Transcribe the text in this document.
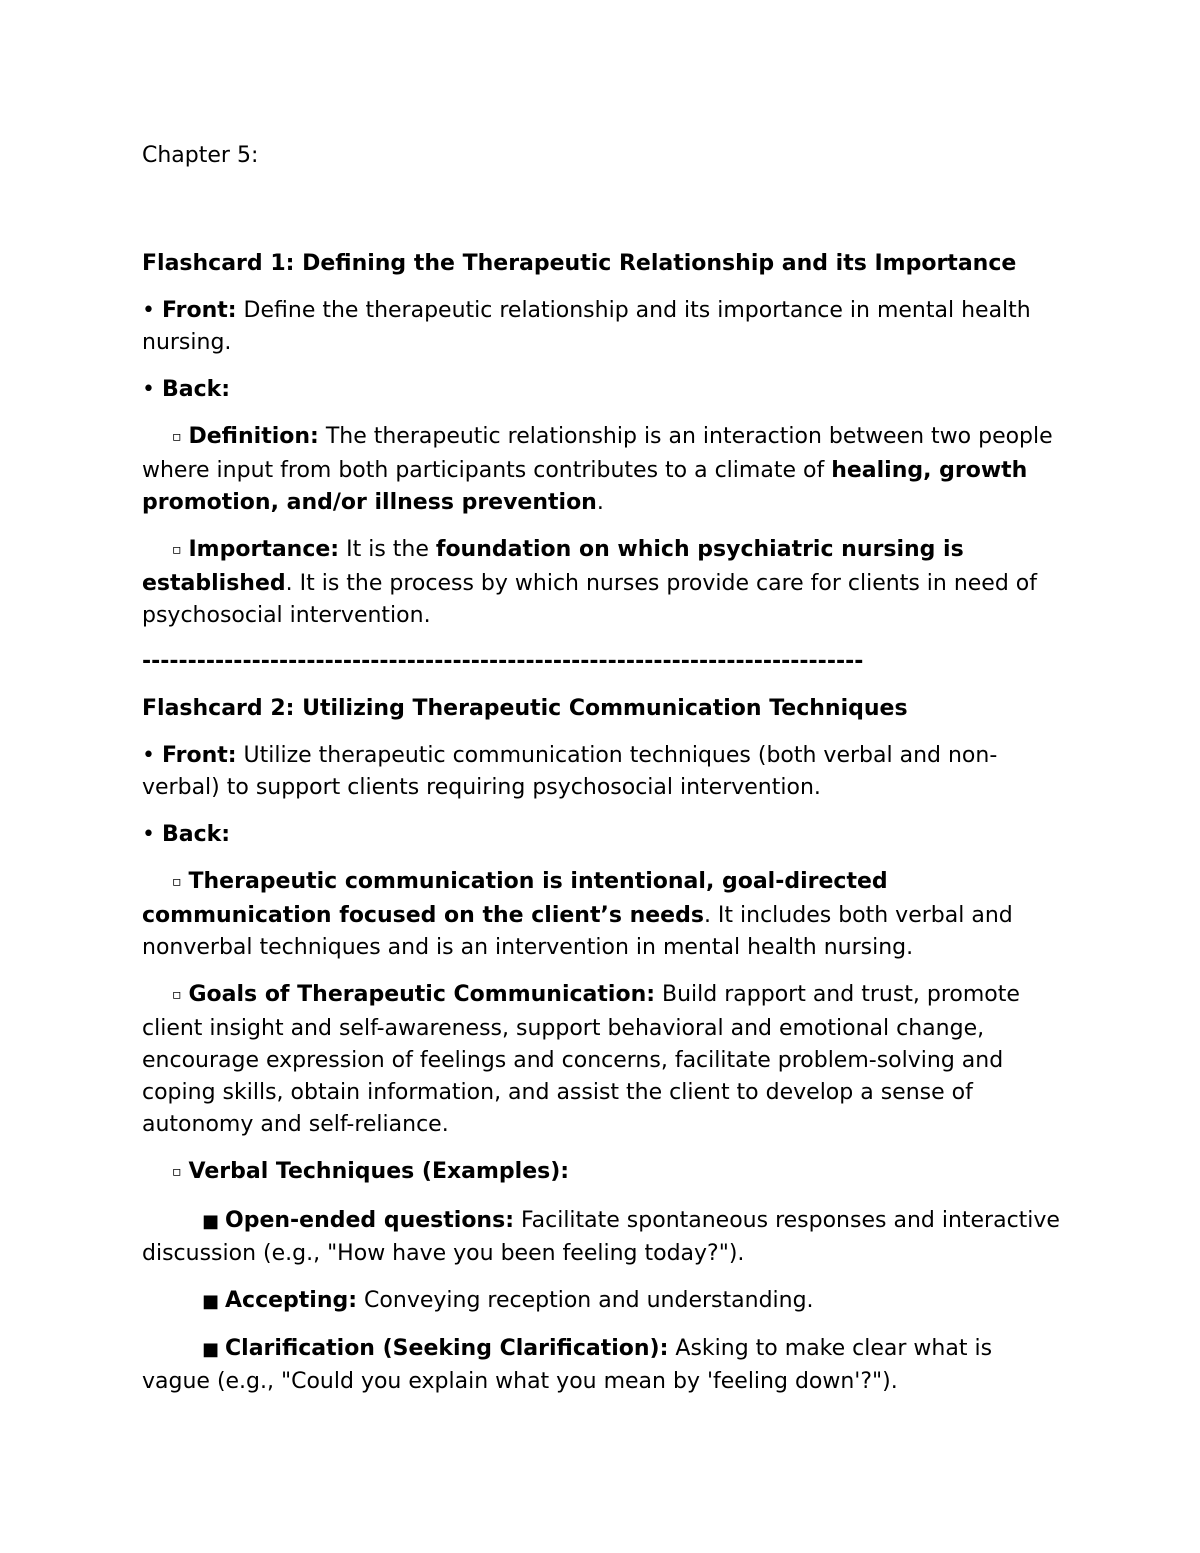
Chapter 5:

Flashcard 1: Defining the Therapeutic Relationship and its Importance

• Front: Define the therapeutic relationship and its importance in mental health nursing.

• Back:

▫ Definition: The therapeutic relationship is an interaction between two people where input from both participants contributes to a climate of healing, growth promotion, and/or illness prevention.

▫ Importance: It is the foundation on which psychiatric nursing is established. It is the process by which nurses provide care for clients in need of psychosocial intervention.

-------------------------------------------------------------------------------

Flashcard 2: Utilizing Therapeutic Communication Techniques

• Front: Utilize therapeutic communication techniques (both verbal and non-verbal) to support clients requiring psychosocial intervention.

• Back:

▫ Therapeutic communication is intentional, goal-directed communication focused on the client’s needs. It includes both verbal and nonverbal techniques and is an intervention in mental health nursing.

▫ Goals of Therapeutic Communication: Build rapport and trust, promote client insight and self-awareness, support behavioral and emotional change, encourage expression of feelings and concerns, facilitate problem-solving and coping skills, obtain information, and assist the client to develop a sense of autonomy and self-reliance.

▫ Verbal Techniques (Examples):

■ Open-ended questions: Facilitate spontaneous responses and interactive discussion (e.g., "How have you been feeling today?").

■ Accepting: Conveying reception and understanding.

■ Clarification (Seeking Clarification): Asking to make clear what is vague (e.g., "Could you explain what you mean by 'feeling down'?").
